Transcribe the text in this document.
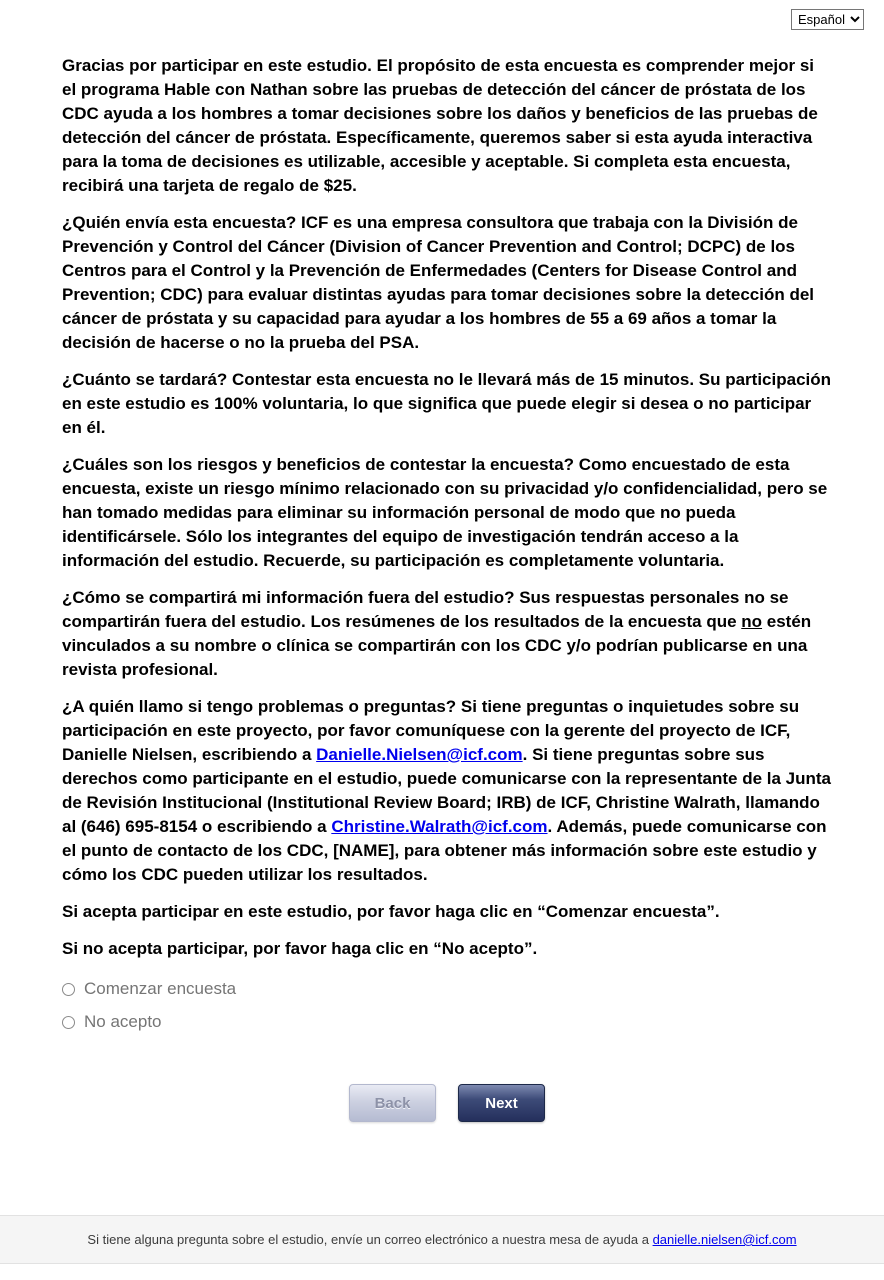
Español

Gracias por participar en este estudio. El propósito de esta encuesta es comprender mejor si el programa Hable con Nathan sobre las pruebas de detección del cáncer de próstata de los CDC ayuda a los hombres a tomar decisiones sobre los daños y beneficios de las pruebas de detección del cáncer de próstata. Específicamente, queremos saber si esta ayuda interactiva para la toma de decisiones es utilizable, accesible y aceptable. Si completa esta encuesta, recibirá una tarjeta de regalo de $25.

¿Quién envía esta encuesta? ICF es una empresa consultora que trabaja con la División de Prevención y Control del Cáncer (Division of Cancer Prevention and Control; DCPC) de los Centros para el Control y la Prevención de Enfermedades (Centers for Disease Control and Prevention; CDC) para evaluar distintas ayudas para tomar decisiones sobre la detección del cáncer de próstata y su capacidad para ayudar a los hombres de 55 a 69 años a tomar la decisión de hacerse o no la prueba del PSA.

¿Cuánto se tardará? Contestar esta encuesta no le llevará más de 15 minutos. Su participación en este estudio es 100% voluntaria, lo que significa que puede elegir si desea o no participar en él.

¿Cuáles son los riesgos y beneficios de contestar la encuesta? Como encuestado de esta encuesta, existe un riesgo mínimo relacionado con su privacidad y/o confidencialidad, pero se han tomado medidas para eliminar su información personal de modo que no pueda identificársele. Sólo los integrantes del equipo de investigación tendrán acceso a la información del estudio. Recuerde, su participación es completamente voluntaria.

¿Cómo se compartirá mi información fuera del estudio? Sus respuestas personales no se compartirán fuera del estudio. Los resúmenes de los resultados de la encuesta que no estén vinculados a su nombre o clínica se compartirán con los CDC y/o podrían publicarse en una revista profesional.

¿A quién llamo si tengo problemas o preguntas? Si tiene preguntas o inquietudes sobre su participación en este proyecto, por favor comuníquese con la gerente del proyecto de ICF, Danielle Nielsen, escribiendo a Danielle.Nielsen@icf.com. Si tiene preguntas sobre sus derechos como participante en el estudio, puede comunicarse con la representante de la Junta de Revisión Institucional (Institutional Review Board; IRB) de ICF, Christine Walrath, llamando al (646) 695-8154 o escribiendo a Christine.Walrath@icf.com. Además, puede comunicarse con el punto de contacto de los CDC, [NAME], para obtener más información sobre este estudio y cómo los CDC pueden utilizar los resultados.

Si acepta participar en este estudio, por favor haga clic en “Comenzar encuesta”.

Si no acepta participar, por favor haga clic en “No acepto”.

Comenzar encuesta
No acepto
Back	Next
Si tiene alguna pregunta sobre el estudio, envíe un correo electrónico a nuestra mesa de ayuda a danielle.nielsen@icf.com
